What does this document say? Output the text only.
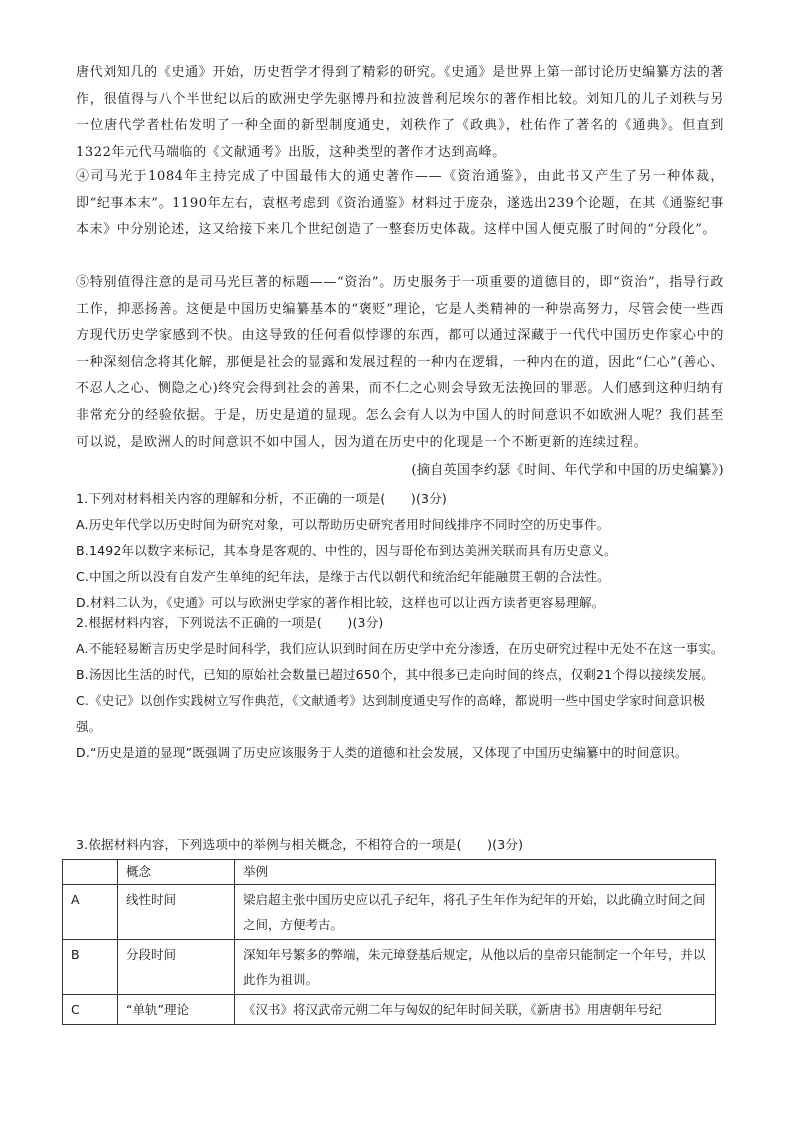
唐代刘知几的《史通》开始，历史哲学才得到了精彩的研究。《史通》是世界上第一部讨论历史编纂方法的著作，很值得与八个半世纪以后的欧洲史学先驱博丹和拉波普利尼埃尔的著作相比较。刘知几的儿子刘秩与另一位唐代学者杜佑发明了一种全面的新型制度通史，刘秩作了《政典》，杜佑作了著名的《通典》。但直到1322年元代马端临的《文献通考》出版，这种类型的著作才达到高峰。

④司马光于1084年主持完成了中国最伟大的通史著作——《资治通鉴》，由此书又产生了另一种体裁，即“纪事本末”。1190年左右，袁枢考虑到《资治通鉴》材料过于庞杂，遂选出239个论题，在其《通鉴纪事本末》中分别论述，这又给接下来几个世纪创造了一整套历史体裁。这样中国人便克服了时间的“分段化”。

⑤特别值得注意的是司马光巨著的标题——“资治”。历史服务于一项重要的道德目的，即“资治”，指导行政工作，抑恶扬善。这便是中国历史编纂基本的“褒贬”理论，它是人类精神的一种崇高努力，尽管会使一些西方现代历史学家感到不快。由这导致的任何看似悖谬的东西，都可以通过深藏于一代代中国历史作家心中的一种深刻信念将其化解，那便是社会的显露和发展过程的一种内在逻辑，一种内在的道，因此“仁心”(善心、不忍人之心、恻隐之心)终究会得到社会的善果，而不仁之心则会导致无法挽回的罪恶。人们感到这种归纳有非常充分的经验依据。于是，历史是道的显现。怎么会有人以为中国人的时间意识不如欧洲人呢？我们甚至可以说，是欧洲人的时间意识不如中国人，因为道在历史中的化现是一个不断更新的连续过程。

(摘自英国李约瑟《时间、年代学和中国的历史编纂》)

1.下列对材料相关内容的理解和分析，不正确的一项是(　　)(3分)
A.历史年代学以历史时间为研究对象，可以帮助历史研究者用时间线排序不同时空的历史事件。
B.1492年以数字来标记，其本身是客观的、中性的，因与哥伦布到达美洲关联而具有历史意义。
C.中国之所以没有自发产生单纯的纪年法，是缘于古代以朝代和统治纪年能融贯王朝的合法性。
D.材料二认为，《史通》可以与欧洲史学家的著作相比较，这样也可以让西方读者更容易理解。
2.根据材料内容，下列说法不正确的一项是(　　)(3分)
A.不能轻易断言历史学是时间科学，我们应认识到时间在历史学中充分渗透，在历史研究过程中无处不在这一事实。
B.汤因比生活的时代，已知的原始社会数量已超过650个，其中很多已走向时间的终点，仅剩21个得以接续发展。
C.《史记》以创作实践树立写作典范，《文献通考》达到制度通史写作的高峰，都说明一些中国史学家时间意识极强。
D.“历史是道的显现”既强调了历史应该服务于人类的道德和社会发展，又体现了中国历史编纂中的时间意识。
3.依据材料内容，下列选项中的举例与相关概念，不相符合的一项是(　　)(3分)
	概念	举例
A	线性时间	梁启超主张中国历史应以孔子纪年，将孔子生年作为纪年的开始，以此确立时间之间之间，方便考古。
B	分段时间	深知年号繁多的弊端，朱元璋登基后规定，从他以后的皇帝只能制定一个年号，并以此作为祖训。
C	“单轨”理论	《汉书》将汉武帝元朔二年与匈奴的纪年时间关联，《新唐书》用唐朝年号纪
